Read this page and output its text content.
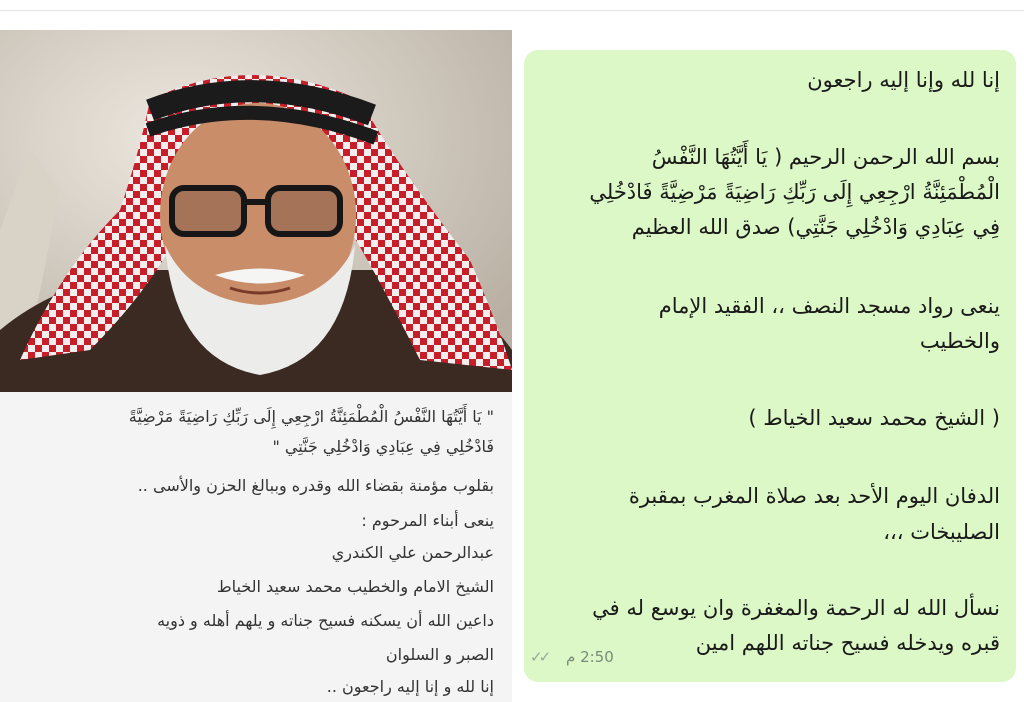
" يَا أَيَّتُهَا النَّفْسُ الْمُطْمَئِنَّةُ ارْجِعِي إِلَى رَبِّكِ رَاضِيَةً مَرْضِيَّةً
فَادْخُلِي فِي عِبَادِي وَادْخُلِي جَنَّتِي "
بقلوب مؤمنة بقضاء الله وقدره وببالغ الحزن والأسى ..
ينعى أبناء المرحوم :
عبدالرحمن علي الكندري
الشيخ الامام والخطيب محمد سعيد الخياط
داعين الله أن يسكنه فسيح جناته و يلهم أهله و ذويه
الصبر و السلوان
إنا لله و إنا إليه راجعون ..
إنا لله وإنا إليه راجعون
بسم الله الرحمن الرحيم ( يَا أَيَّتُهَا النَّفْسُ
الْمُطْمَئِنَّةُ ارْجِعِي إِلَى رَبِّكِ رَاضِيَةً مَرْضِيَّةً فَادْخُلِي
فِي عِبَادِي وَادْخُلِي جَنَّتِي) صدق الله العظيم
ينعى رواد مسجد النصف ،، الفقيد الإمام
والخطيب
( الشيخ محمد سعيد الخياط )
الدفان اليوم الأحد بعد صلاة المغرب بمقبرة
الصليبخات ،،،
نسأل الله له الرحمة والمغفرة وان يوسع له في
قبره ويدخله فسيح جناته اللهم امين
✓✓ 2:50 م
